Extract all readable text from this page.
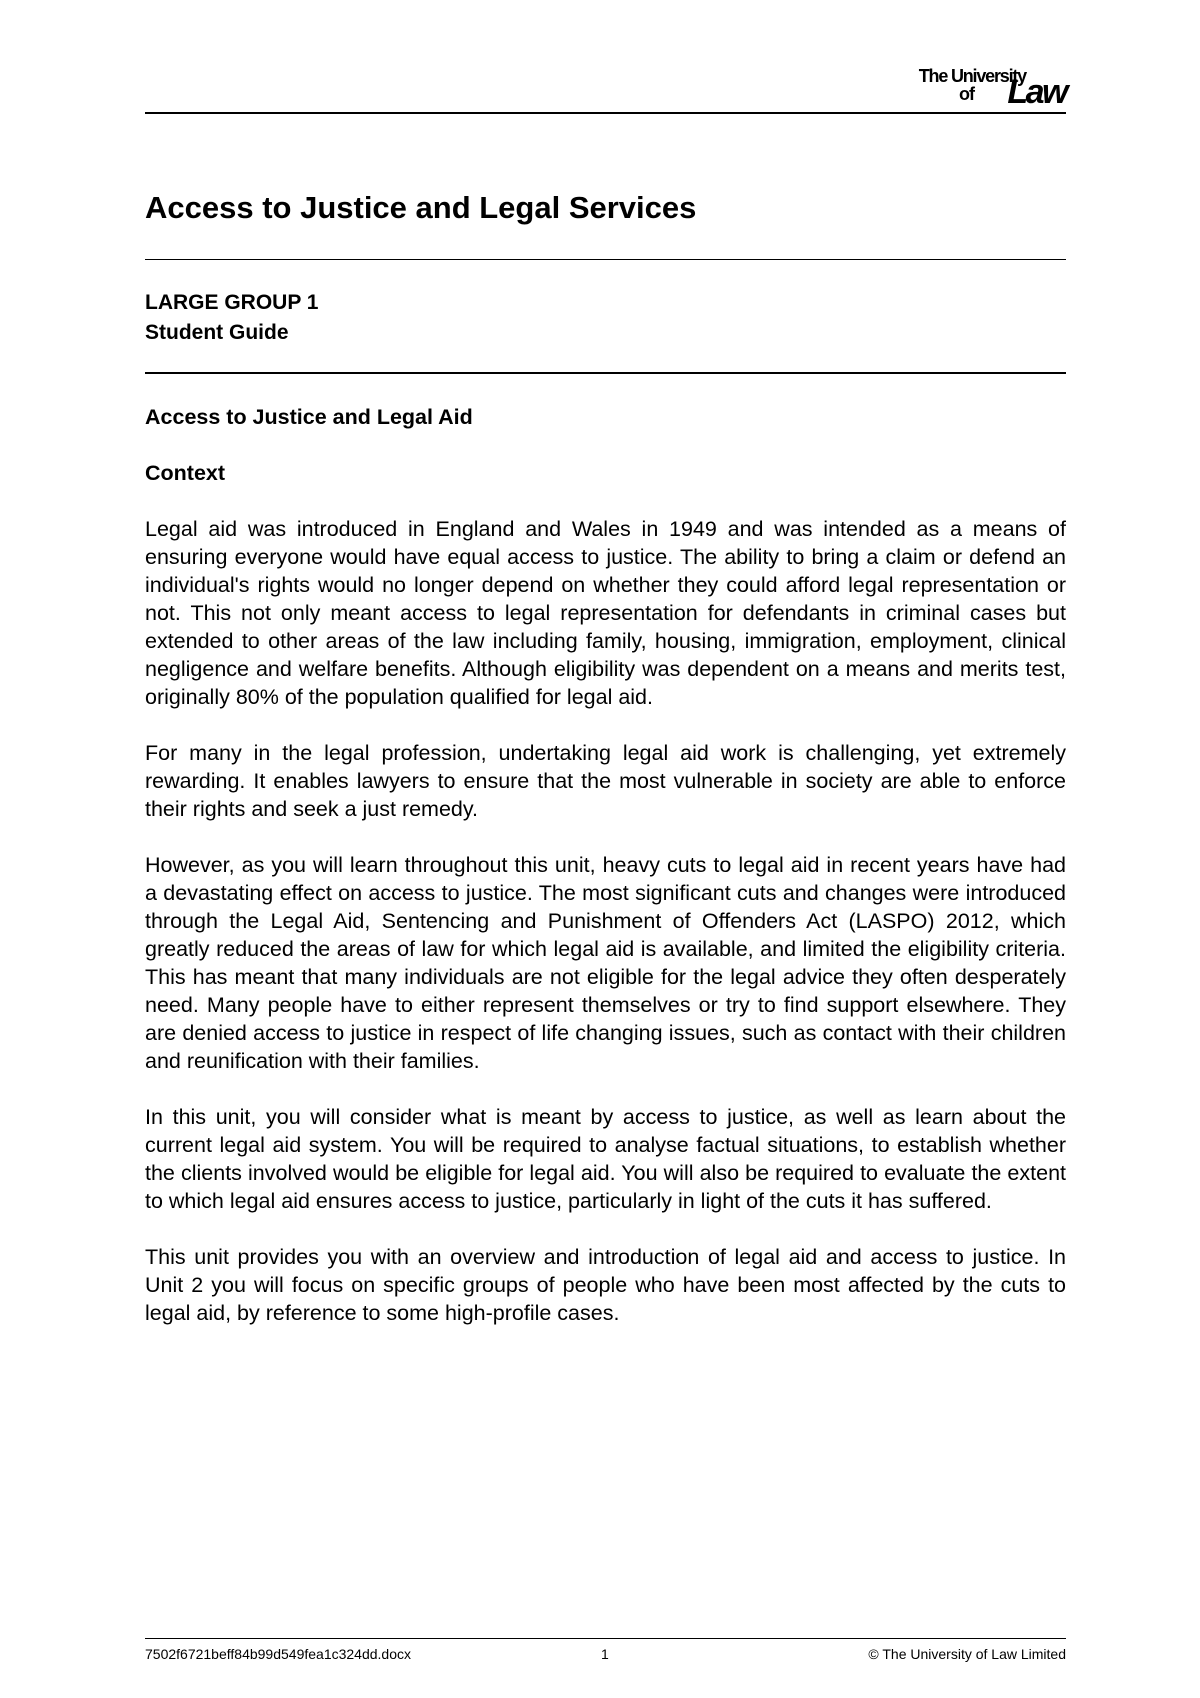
The University
of Law
Access to Justice and Legal Services
LARGE GROUP 1
Student Guide
Access to Justice and Legal Aid
Context

Legal aid was introduced in England and Wales in 1949 and was intended as a means of ensuring everyone would have equal access to justice. The ability to bring a claim or defend an individual's rights would no longer depend on whether they could afford legal representation or not. This not only meant access to legal representation for defendants in criminal cases but extended to other areas of the law including family, housing, immigration, employment, clinical negligence and welfare benefits. Although eligibility was dependent on a means and merits test, originally 80% of the population qualified for legal aid.

For many in the legal profession, undertaking legal aid work is challenging, yet extremely rewarding. It enables lawyers to ensure that the most vulnerable in society are able to enforce their rights and seek a just remedy.

However, as you will learn throughout this unit, heavy cuts to legal aid in recent years have had a devastating effect on access to justice. The most significant cuts and changes were introduced through the Legal Aid, Sentencing and Punishment of Offenders Act (LASPO) 2012, which greatly reduced the areas of law for which legal aid is available, and limited the eligibility criteria. This has meant that many individuals are not eligible for the legal advice they often desperately need. Many people have to either represent themselves or try to find support elsewhere. They are denied access to justice in respect of life changing issues, such as contact with their children and reunification with their families.

In this unit, you will consider what is meant by access to justice, as well as learn about the current legal aid system. You will be required to analyse factual situations, to establish whether the clients involved would be eligible for legal aid. You will also be required to evaluate the extent to which legal aid ensures access to justice, particularly in light of the cuts it has suffered.

This unit provides you with an overview and introduction of legal aid and access to justice. In Unit 2 you will focus on specific groups of people who have been most affected by the cuts to legal aid, by reference to some high-profile cases.

7502f6721beff84b99d549fea1c324dd.docx	1	© The University of Law Limited
